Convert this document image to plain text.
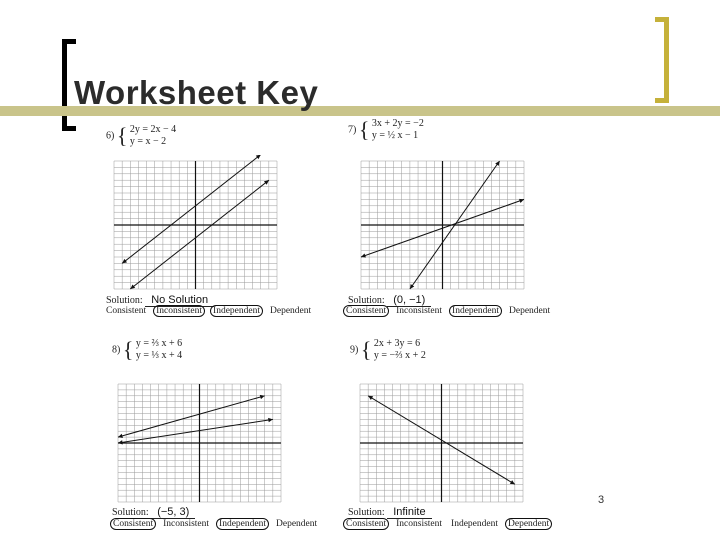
Worksheet Key
6) { 2y = 2x − 4
y = x − 2
Solution: No Solution
Consistent Inconsistent Independent Dependent
7) { 3x + 2y = −2
y = ½ x − 1
Solution: (0, −1)
Consistent Inconsistent Independent Dependent
8) { y = ⅔ x + 6
y = ⅓ x + 4
Solution: (−5, 3)
Consistent Inconsistent Independent Dependent
9) { 2x + 3y = 6
y = −⅔ x + 2
Solution: Infinite
Consistent Inconsistent Independent Dependent
3
